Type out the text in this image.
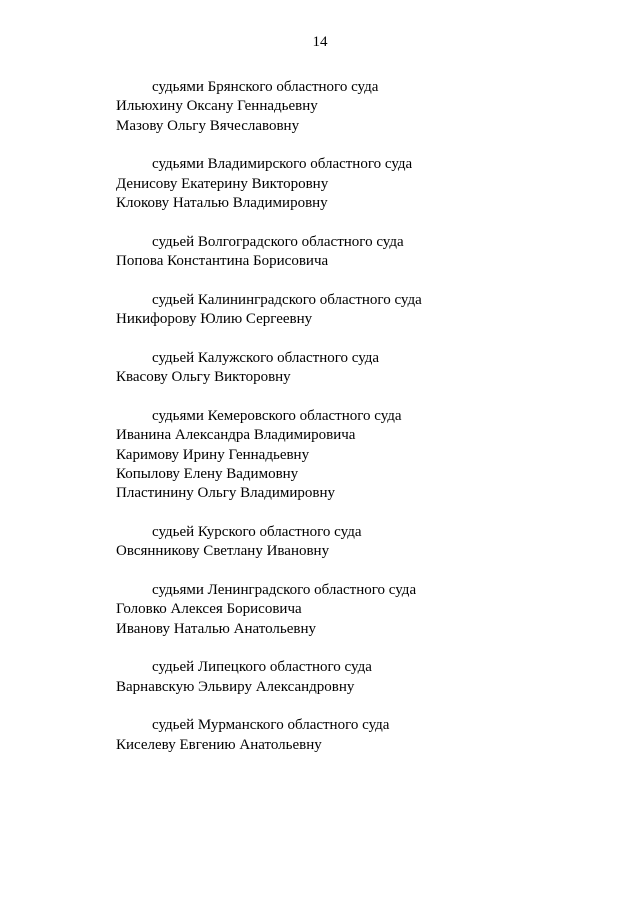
14
судьями Брянского областного суда
Ильюхину Оксану Геннадьевну
Мазову Ольгу Вячеславовну
судьями Владимирского областного суда
Денисову Екатерину Викторовну
Клокову Наталью Владимировну
судьей Волгоградского областного суда
Попова Константина Борисовича
судьей Калининградского областного суда
Никифорову Юлию Сергеевну
судьей Калужского областного суда
Квасову Ольгу Викторовну
судьями Кемеровского областного суда
Иванина Александра Владимировича
Каримову Ирину Геннадьевну
Копылову Елену Вадимовну
Пластинину Ольгу Владимировну
судьей Курского областного суда
Овсянникову Светлану Ивановну
судьями Ленинградского областного суда
Головко Алексея Борисовича
Иванову Наталью Анатольевну
судьей Липецкого областного суда
Варнавскую Эльвиру Александровну
судьей Мурманского областного суда
Киселеву Евгению Анатольевну
